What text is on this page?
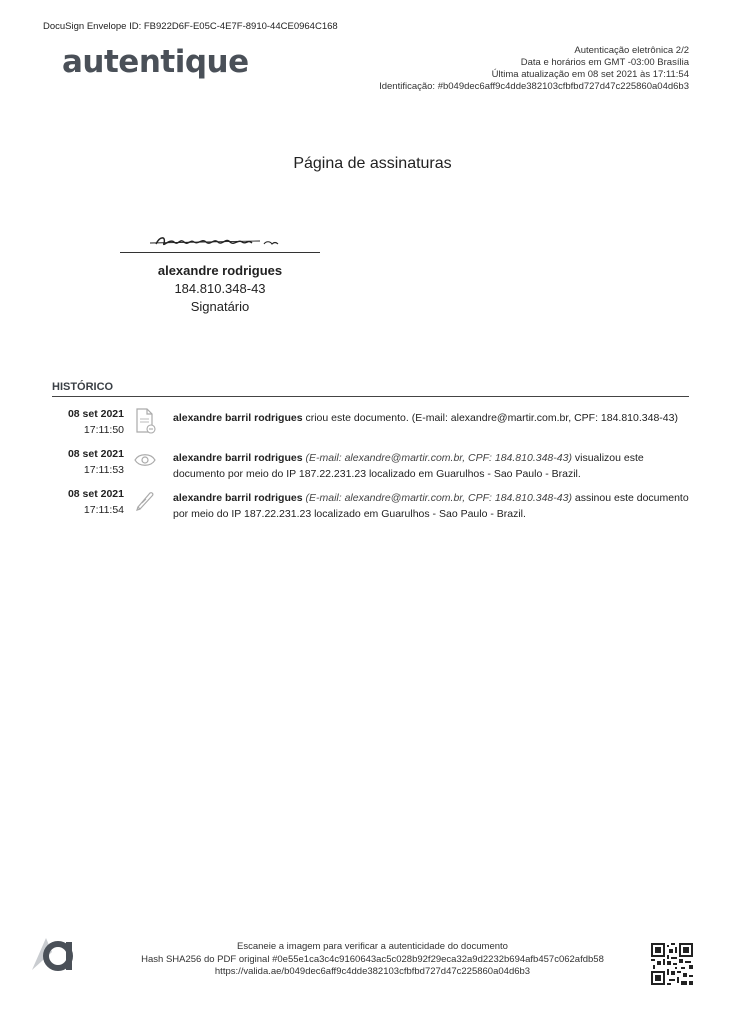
DocuSign Envelope ID: FB922D6F-E05C-4E7F-8910-44CE0964C168
autentique	Autenticação eletrônica 2/2
Data e horários em GMT -03:00 Brasília
Última atualização em 08 set 2021 às 17:11:54
Identificação: #b049dec6aff9c4dde382103cfbfbd727d47c225860a04d6b3
Página de assinaturas
alexandre rodrigues
184.810.348-43
Signatário
HISTÓRICO
08 set 2021
17:11:50
alexandre barril rodrigues criou este documento. (E-mail: alexandre@martir.com.br, CPF: 184.810.348-43)
08 set 2021
17:11:53
alexandre barril rodrigues (E-mail: alexandre@martir.com.br, CPF: 184.810.348-43) visualizou este documento por meio do IP 187.22.231.23 localizado em Guarulhos - Sao Paulo - Brazil.
08 set 2021
17:11:54
alexandre barril rodrigues (E-mail: alexandre@martir.com.br, CPF: 184.810.348-43) assinou este documento por meio do IP 187.22.231.23 localizado em Guarulhos - Sao Paulo - Brazil.
Escaneie a imagem para verificar a autenticidade do documento
Hash SHA256 do PDF original #0e55e1ca3c4c9160643ac5c028b92f29eca32a9d2232b694afb457c062afdb58
https://valida.ae/b049dec6aff9c4dde382103cfbfbd727d47c225860a04d6b3
